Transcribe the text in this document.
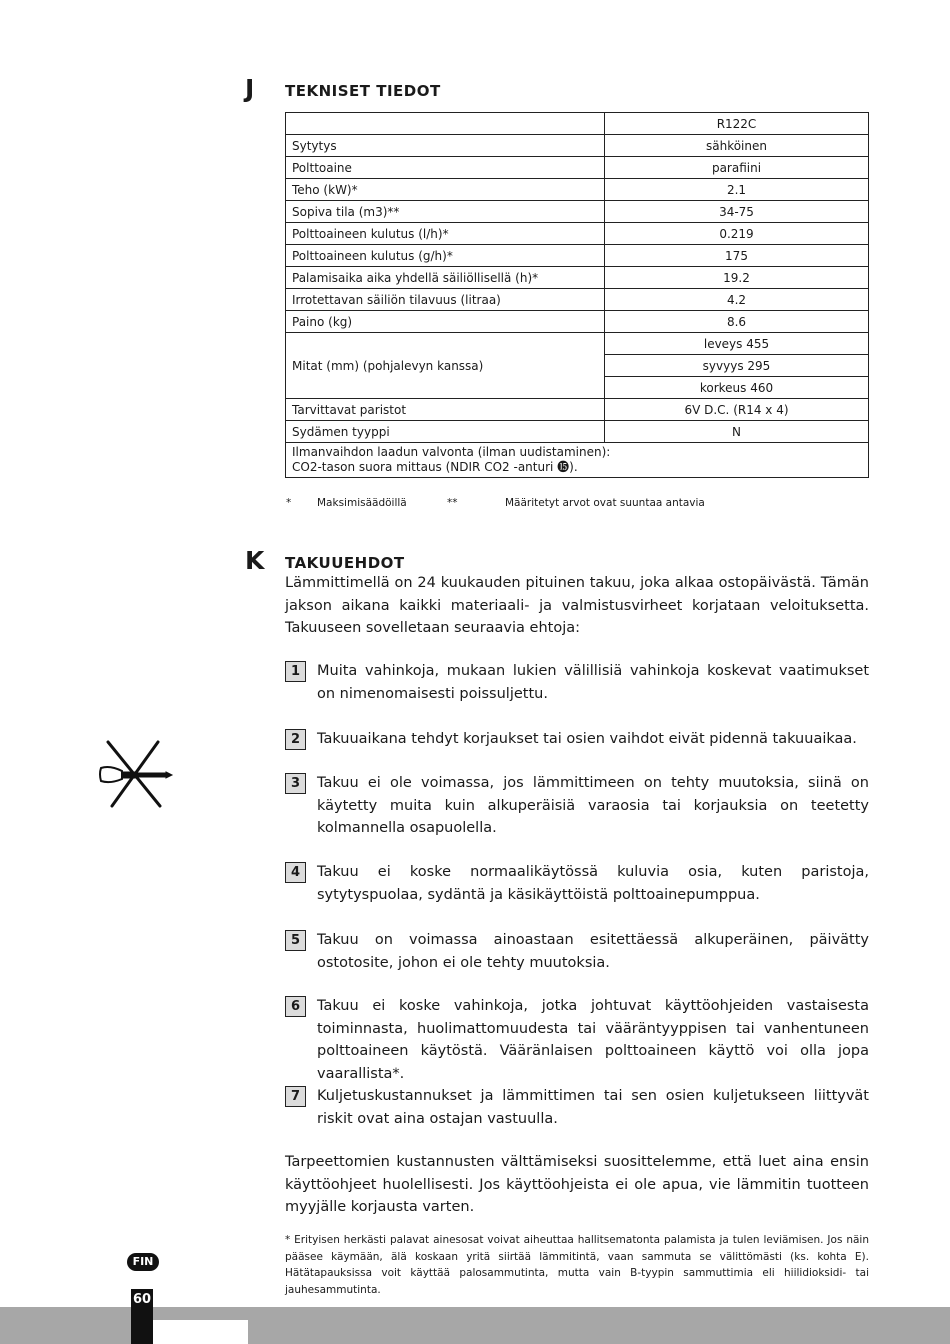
J TEKNISET TIEDOT
	R122C
Sytytys	sähköinen
Polttoaine	parafiini
Teho (kW)*	2.1
Sopiva tila (m3)**	34-75
Polttoaineen kulutus (l/h)*	0.219
Polttoaineen kulutus (g/h)*	175
Palamisaika aika yhdellä säiliöllisellä (h)*	19.2
Irrotettavan säiliön tilavuus (litraa)	4.2
Paino (kg)	8.6
Mitat (mm) (pohjalevyn kanssa)	leveys 455
	syvyys 295
	korkeus 460
Tarvittavat paristot	6V D.C. (R14 x 4)
Sydämen tyyppi	N

Ilmanvaihdon laadun valvonta (ilman uudistaminen):
CO2-tason suora mittaus (NDIR CO2 -anturi ⓯).	
* Maksimisäädöillä	**	Määritetyt arvot ovat suuntaa antavia
K TAKUUEHDOT
Lämmittimellä on 24 kuukauden pituinen takuu, joka alkaa ostopäivästä. Tämän jakson aikana kaikki materiaali- ja valmistusvirheet korjataan veloituksetta. Takuuseen sovelletaan seuraavia ehtoja:
1	Muita vahinkoja, mukaan lukien välillisiä vahinkoja koskevat vaatimukset on nimenomaisesti poissuljettu.
2	Takuuaikana tehdyt korjaukset tai osien vaihdot eivät pidennä takuuaikaa.
3	Takuu ei ole voimassa, jos lämmittimeen on tehty muutoksia, siinä on käytetty muita kuin alkuperäisiä varaosia tai korjauksia on teetetty kolmannella osapuolella.
4	Takuu ei koske normaalikäytössä kuluvia osia, kuten paristoja, sytytyspuolaa, sydäntä ja käsikäyttöistä polttoainepumppua.
5	Takuu on voimassa ainoastaan esitettäessä alkuperäinen, päivätty ostotosite, johon ei ole tehty muutoksia.
6	Takuu ei koske vahinkoja, jotka johtuvat käyttöohjeiden vastaisesta toiminnasta, huolimattomuudesta tai vääräntyyppisen tai vanhentuneen polttoaineen käytöstä. Vääränlaisen polttoaineen käyttö voi olla jopa vaarallista*.
7	Kuljetuskustannukset ja lämmittimen tai sen osien kuljetukseen liittyvät riskit ovat aina ostajan vastuulla.
Tarpeettomien kustannusten välttämiseksi suosittelemme, että luet aina ensin käyttöohjeet huolellisesti. Jos käyttöohjeista ei ole apua, vie lämmitin tuotteen myyjälle korjausta varten.
* Erityisen herkästi palavat ainesosat voivat aiheuttaa hallitsematonta palamista ja tulen leviämisen. Jos näin pääsee käymään, älä koskaan yritä siirtää lämmitintä, vaan sammuta se välittömästi (ks. kohta E). Hätätapauksissa voit käyttää palosammutinta, mutta vain B-tyypin sammuttimia eli hiilidioksidi- tai jauhesammutinta.
FIN
60
